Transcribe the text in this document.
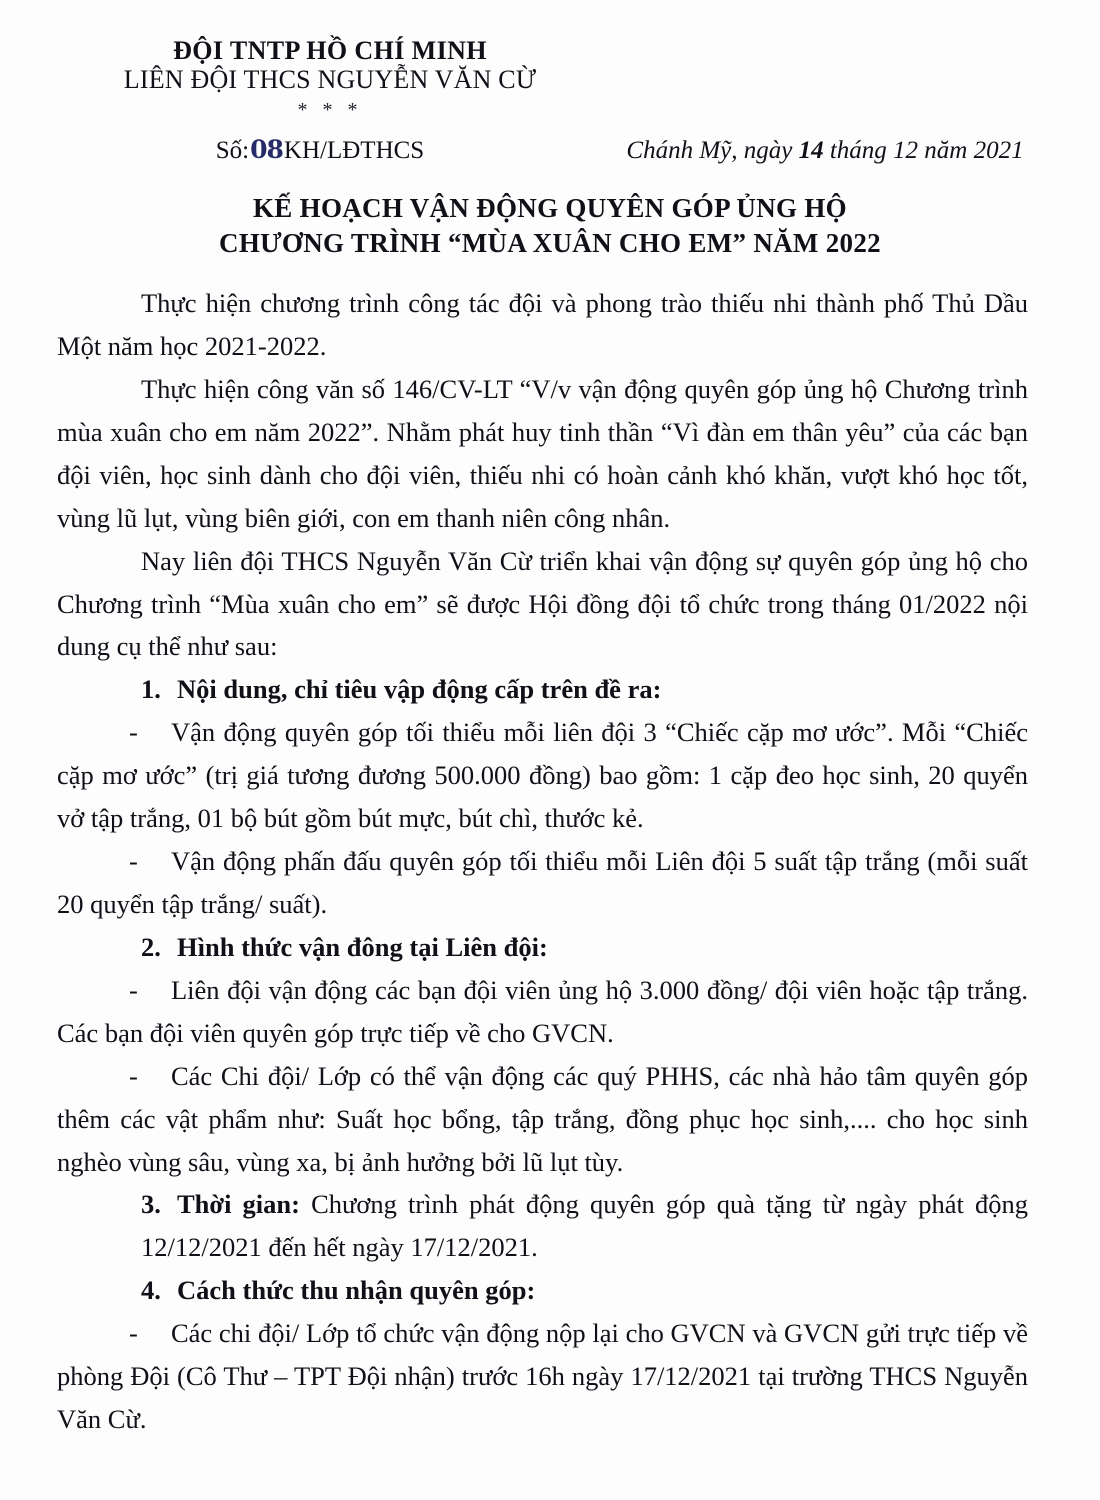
ĐỘI TNTP HỒ CHÍ MINH
LIÊN ĐỘI THCS NGUYỄN VĂN CỪ
* * *
Số:08KH/LĐTHCS	Chánh Mỹ, ngày 14 tháng 12 năm 2021
KẾ HOẠCH VẬN ĐỘNG QUYÊN GÓP ỦNG HỘ
CHƯƠNG TRÌNH “MÙA XUÂN CHO EM” NĂM 2022

Thực hiện chương trình công tác đội và phong trào thiếu nhi thành phố Thủ Dầu Một năm học 2021-2022.

Thực hiện công văn số 146/CV-LT “V/v vận động quyên góp ủng hộ Chương trình mùa xuân cho em năm 2022”. Nhằm phát huy tinh thần “Vì đàn em thân yêu” của các bạn đội viên, học sinh dành cho đội viên, thiếu nhi có hoàn cảnh khó khăn, vượt khó học tốt, vùng lũ lụt, vùng biên giới, con em thanh niên công nhân.

Nay liên đội THCS Nguyễn Văn Cừ triển khai vận động sự quyên góp ủng hộ cho Chương trình “Mùa xuân cho em” sẽ được Hội đồng đội tổ chức trong tháng 01/2022 nội dung cụ thể như sau:

1. Nội dung, chỉ tiêu vập động cấp trên đề ra:

- Vận động quyên góp tối thiểu mỗi liên đội 3 “Chiếc cặp mơ ước”. Mỗi “Chiếc cặp mơ ước” (trị giá tương đương 500.000 đồng) bao gồm: 1 cặp đeo học sinh, 20 quyển vở tập trắng, 01 bộ bút gồm bút mực, bút chì, thước kẻ.

- Vận động phấn đấu quyên góp tối thiểu mỗi Liên đội 5 suất tập trắng (mỗi suất 20 quyển tập trắng/ suất).

2. Hình thức vận đông tại Liên đội:

- Liên đội vận động các bạn đội viên ủng hộ 3.000 đồng/ đội viên hoặc tập trắng. Các bạn đội viên quyên góp trực tiếp về cho GVCN.

- Các Chi đội/ Lớp có thể vận động các quý PHHS, các nhà hảo tâm quyên góp thêm các vật phẩm như: Suất học bổng, tập trắng, đồng phục học sinh,.... cho học sinh nghèo vùng sâu, vùng xa, bị ảnh hưởng bởi lũ lụt tùy.

3. Thời gian: Chương trình phát động quyên góp quà tặng từ ngày phát động 12/12/2021 đến hết ngày 17/12/2021.

4. Cách thức thu nhận quyên góp:

- Các chi đội/ Lớp tổ chức vận động nộp lại cho GVCN và GVCN gửi trực tiếp về phòng Đội (Cô Thư – TPT Đội nhận) trước 16h ngày 17/12/2021 tại trường THCS Nguyễn Văn Cừ.
